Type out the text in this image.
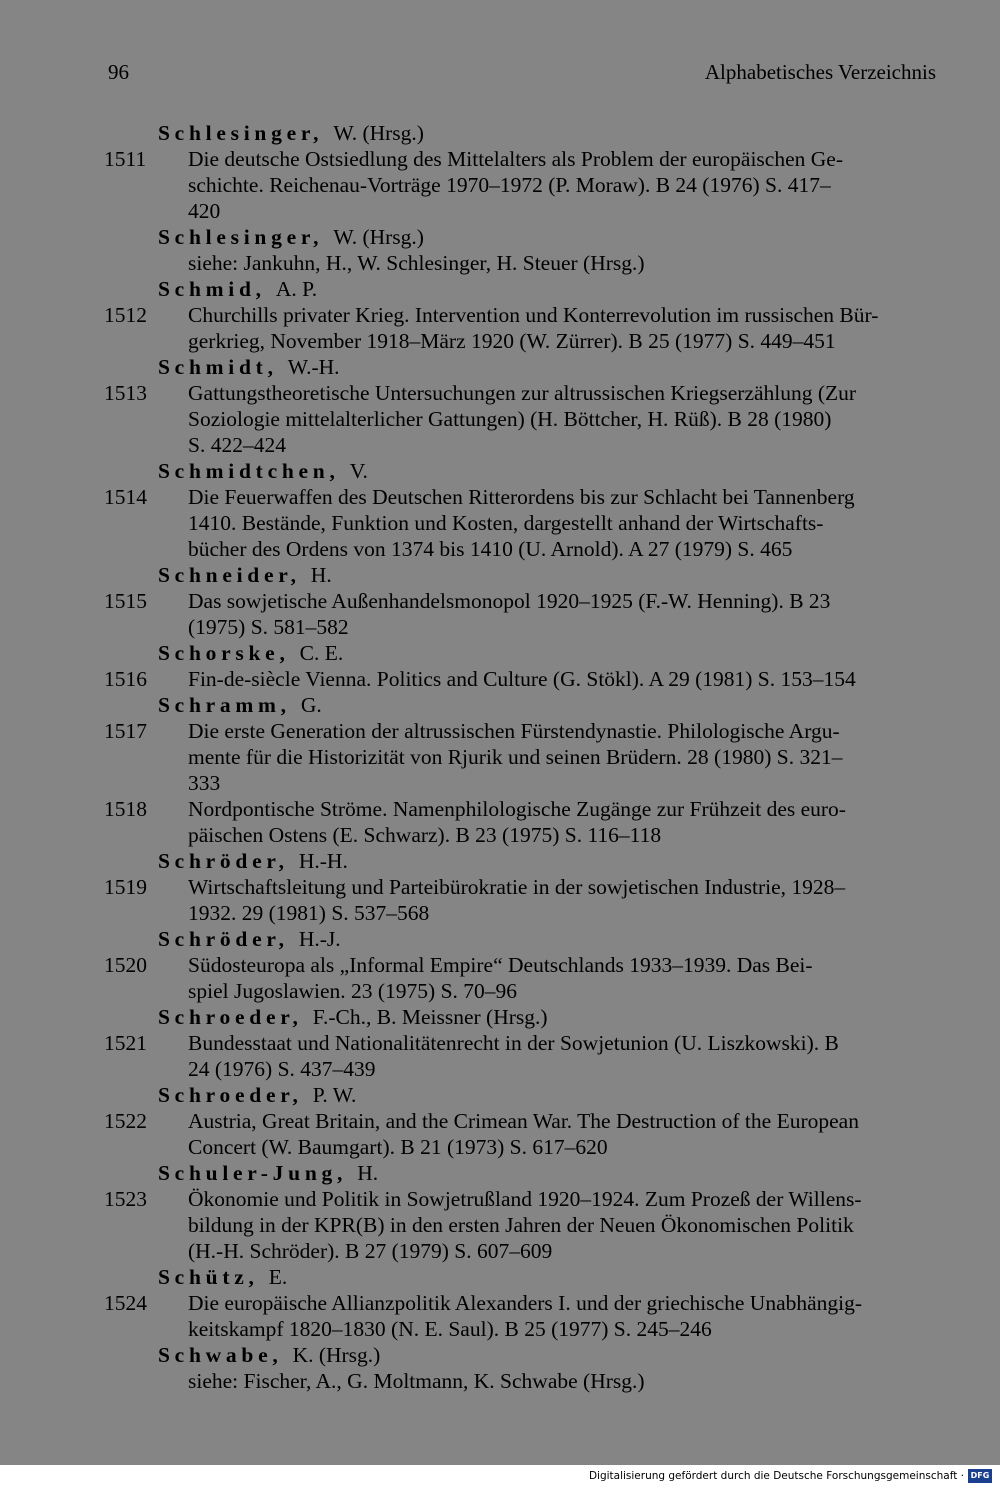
96	Alphabetisches Verzeichnis
Schlesinger, W. (Hrsg.)
1511 Die deutsche Ostsiedlung des Mittelalters als Problem der europäischen Ge-
schichte. Reichenau-Vorträge 1970–1972 (P. Moraw). B 24 (1976) S. 417–
420
Schlesinger, W. (Hrsg.)
siehe: Jankuhn, H., W. Schlesinger, H. Steuer (Hrsg.)
Schmid, A. P.
1512 Churchills privater Krieg. Intervention und Konterrevolution im russischen Bür-
gerkrieg, November 1918–März 1920 (W. Zürrer). B 25 (1977) S. 449–451
Schmidt, W.-H.
1513 Gattungstheoretische Untersuchungen zur altrussischen Kriegserzählung (Zur
Soziologie mittelalterlicher Gattungen) (H. Böttcher, H. Rüß). B 28 (1980)
S. 422–424
Schmidtchen, V.
1514 Die Feuerwaffen des Deutschen Ritterordens bis zur Schlacht bei Tannenberg
1410. Bestände, Funktion und Kosten, dargestellt anhand der Wirtschafts-
bücher des Ordens von 1374 bis 1410 (U. Arnold). A 27 (1979) S. 465
Schneider, H.
1515 Das sowjetische Außenhandelsmonopol 1920–1925 (F.-W. Henning). B 23
(1975) S. 581–582
Schorske, C. E.
1516 Fin-de-siècle Vienna. Politics and Culture (G. Stökl). A 29 (1981) S. 153–154
Schramm, G.
1517 Die erste Generation der altrussischen Fürstendynastie. Philologische Argu-
mente für die Historizität von Rjurik und seinen Brüdern. 28 (1980) S. 321–
333
1518 Nordpontische Ströme. Namenphilologische Zugänge zur Frühzeit des euro-
päischen Ostens (E. Schwarz). B 23 (1975) S. 116–118
Schröder, H.-H.
1519 Wirtschaftsleitung und Parteibürokratie in der sowjetischen Industrie, 1928–
1932. 29 (1981) S. 537–568
Schröder, H.-J.
1520 Südosteuropa als „Informal Empire“ Deutschlands 1933–1939. Das Bei-
spiel Jugoslawien. 23 (1975) S. 70–96
Schroeder, F.-Ch., B. Meissner (Hrsg.)
1521 Bundesstaat und Nationalitätenrecht in der Sowjetunion (U. Liszkowski). B
24 (1976) S. 437–439
Schroeder, P. W.
1522 Austria, Great Britain, and the Crimean War. The Destruction of the European
Concert (W. Baumgart). B 21 (1973) S. 617–620
Schuler-Jung, H.
1523 Ökonomie und Politik in Sowjetrußland 1920–1924. Zum Prozeß der Willens-
bildung in der KPR(B) in den ersten Jahren der Neuen Ökonomischen Politik
(H.-H. Schröder). B 27 (1979) S. 607–609
Schütz, E.
1524 Die europäische Allianzpolitik Alexanders I. und der griechische Unabhängig-
keitskampf 1820–1830 (N. E. Saul). B 25 (1977) S. 245–246
Schwabe, K. (Hrsg.)
siehe: Fischer, A., G. Moltmann, K. Schwabe (Hrsg.)
Digitalisierung gefördert durch die Deutsche Forschungsgemeinschaft · DFG
